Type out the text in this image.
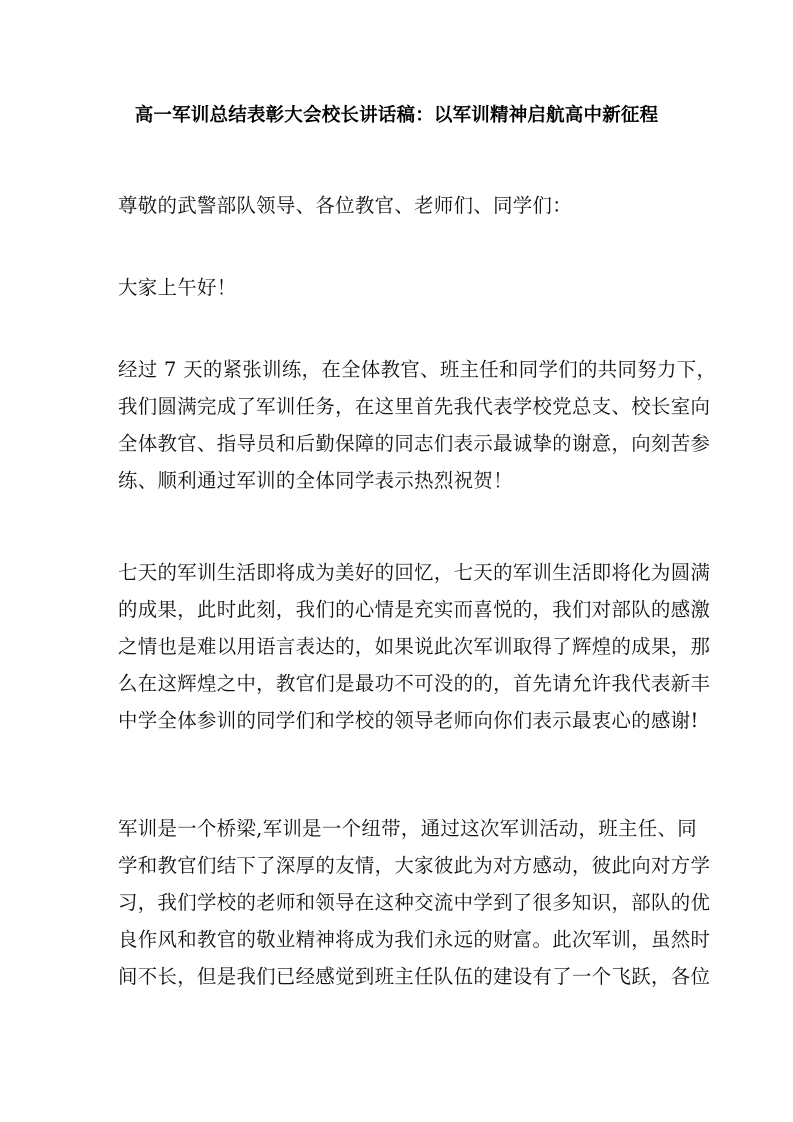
高一军训总结表彰大会校长讲话稿：以军训精神启航高中新征程
尊敬的武警部队领导、各位教官、老师们、同学们：
大家上午好！
经过 7 天的紧张训练，在全体教官、班主任和同学们的共同努力下，
我们圆满完成了军训任务，在这里首先我代表学校党总支、校长室向
全体教官、指导员和后勤保障的同志们表示最诚挚的谢意，向刻苦参
练、顺利通过军训的全体同学表示热烈祝贺！
七天的军训生活即将成为美好的回忆，七天的军训生活即将化为圆满
的成果，此时此刻，我们的心情是充实而喜悦的，我们对部队的感激
之情也是难以用语言表达的，如果说此次军训取得了辉煌的成果，那
么在这辉煌之中，教官们是最功不可没的的，首先请允许我代表新丰
中学全体参训的同学们和学校的领导老师向你们表示最衷心的感谢!
军训是一个桥梁,军训是一个纽带，通过这次军训活动，班主任、同
学和教官们结下了深厚的友情，大家彼此为对方感动，彼此向对方学
习，我们学校的老师和领导在这种交流中学到了很多知识，部队的优
良作风和教官的敬业精神将成为我们永远的财富。此次军训，虽然时
间不长，但是我们已经感觉到班主任队伍的建设有了一个飞跃，各位
